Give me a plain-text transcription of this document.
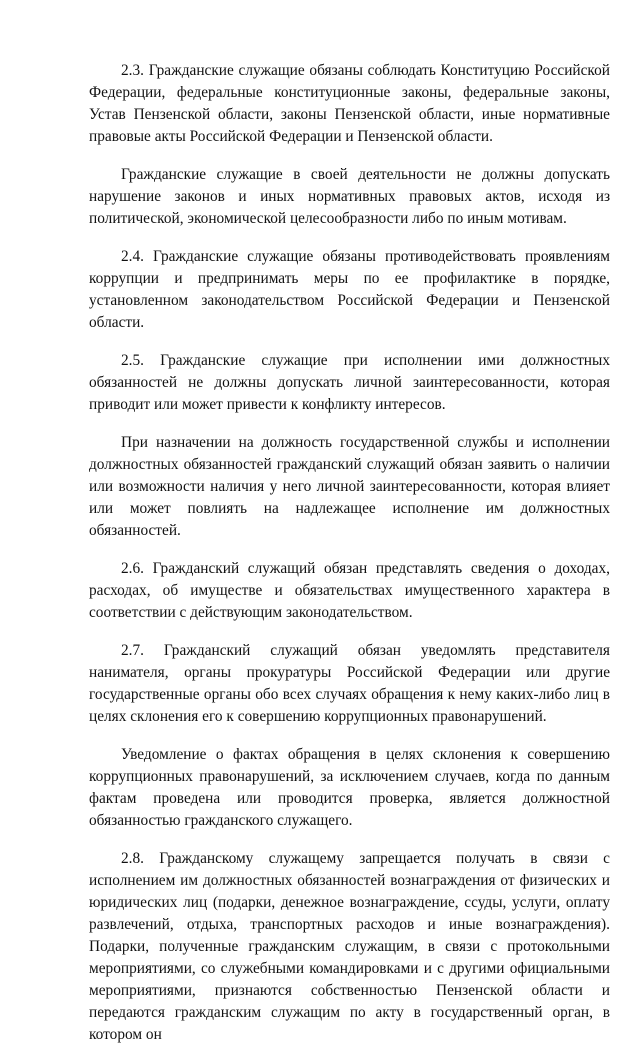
2.3. Гражданские служащие обязаны соблюдать Конституцию Российской Федерации, федеральные конституционные законы, федеральные законы, Устав Пензенской области, законы Пензенской области, иные нормативные правовые акты Российской Федерации и Пензенской области.

Гражданские служащие в своей деятельности не должны допускать нарушение законов и иных нормативных правовых актов, исходя из политической, экономической целесообразности либо по иным мотивам.

2.4. Гражданские служащие обязаны противодействовать проявлениям коррупции и предпринимать меры по ее профилактике в порядке, установленном законодательством Российской Федерации и Пензенской области.

2.5. Гражданские служащие при исполнении ими должностных обязанностей не должны допускать личной заинтересованности, которая приводит или может привести к конфликту интересов.

При назначении на должность государственной службы и исполнении должностных обязанностей гражданский служащий обязан заявить о наличии или возможности наличия у него личной заинтересованности, которая влияет или может повлиять на надлежащее исполнение им должностных обязанностей.

2.6. Гражданский служащий обязан представлять сведения о доходах, расходах, об имуществе и обязательствах имущественного характера в соответствии с действующим законодательством.

2.7. Гражданский служащий обязан уведомлять представителя нанимателя, органы прокуратуры Российской Федерации или другие государственные органы обо всех случаях обращения к нему каких-либо лиц в целях склонения его к совершению коррупционных правонарушений.

Уведомление о фактах обращения в целях склонения к совершению коррупционных правонарушений, за исключением случаев, когда по данным фактам проведена или проводится проверка, является должностной обязанностью гражданского служащего.

2.8. Гражданскому служащему запрещается получать в связи с исполнением им должностных обязанностей вознаграждения от физических и юридических лиц (подарки, денежное вознаграждение, ссуды, услуги, оплату развлечений, отдыха, транспортных расходов и иные вознаграждения). Подарки, полученные гражданским служащим, в связи с протокольными мероприятиями, со служебными командировками и с другими официальными мероприятиями, признаются собственностью Пензенской области и передаются гражданским служащим по акту в государственный орган, в котором он
